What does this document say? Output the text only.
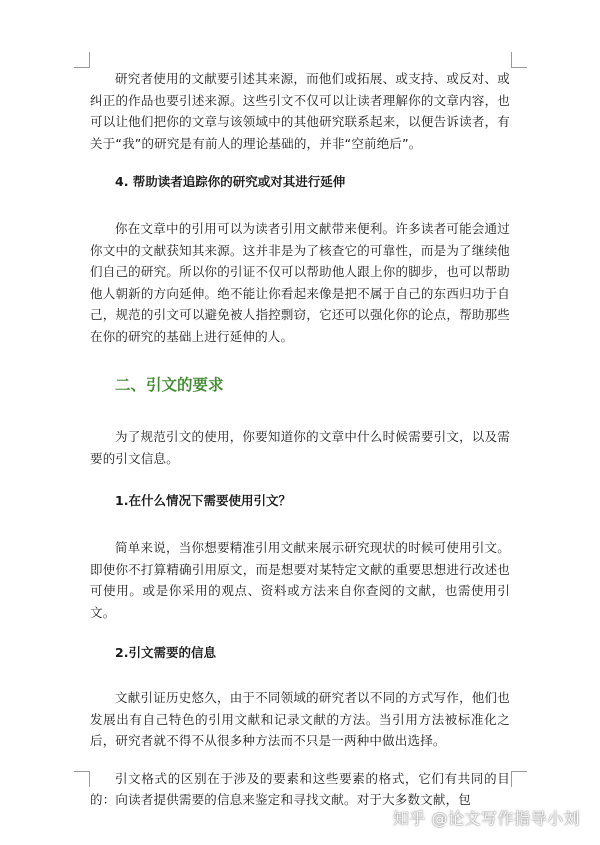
研究者使用的文献要引述其来源，而他们或拓展、或支持、或反对、或纠正的作品也要引述来源。这些引文不仅可以让读者理解你的文章内容，也可以让他们把你的文章与该领域中的其他研究联系起来，以便告诉读者，有关于“我”的研究是有前人的理论基础的，并非“空前绝后”。

4. 帮助读者追踪你的研究或对其进行延伸

你在文章中的引用可以为读者引用文献带来便利。许多读者可能会通过你文中的文献获知其来源。这并非是为了核查它的可靠性，而是为了继续他们自己的研究。所以你的引证不仅可以帮助他人跟上你的脚步，也可以帮助他人朝新的方向延伸。绝不能让你看起来像是把不属于自己的东西归功于自己，规范的引文可以避免被人指控剽窃，它还可以强化你的论点，帮助那些在你的研究的基础上进行延伸的人。

二、引文的要求

为了规范引文的使用，你要知道你的文章中什么时候需要引文，以及需要的引文信息。

1.在什么情况下需要使用引文？

简单来说，当你想要精准引用文献来展示研究现状的时候可使用引文。即使你不打算精确引用原文，而是想要对某特定文献的重要思想进行改述也可使用。或是你采用的观点、资料或方法来自你查阅的文献，也需使用引文。

2.引文需要的信息

文献引证历史悠久，由于不同领域的研究者以不同的方式写作，他们也发展出有自己特色的引用文献和记录文献的方法。当引用方法被标准化之后，研究者就不得不从很多种方法而不只是一两种中做出选择。

引文格式的区别在于涉及的要素和这些要素的格式，它们有共同的目的：向读者提供需要的信息来鉴定和寻找文献。对于大多数文献，包

知乎 @论文写作指导小刘
